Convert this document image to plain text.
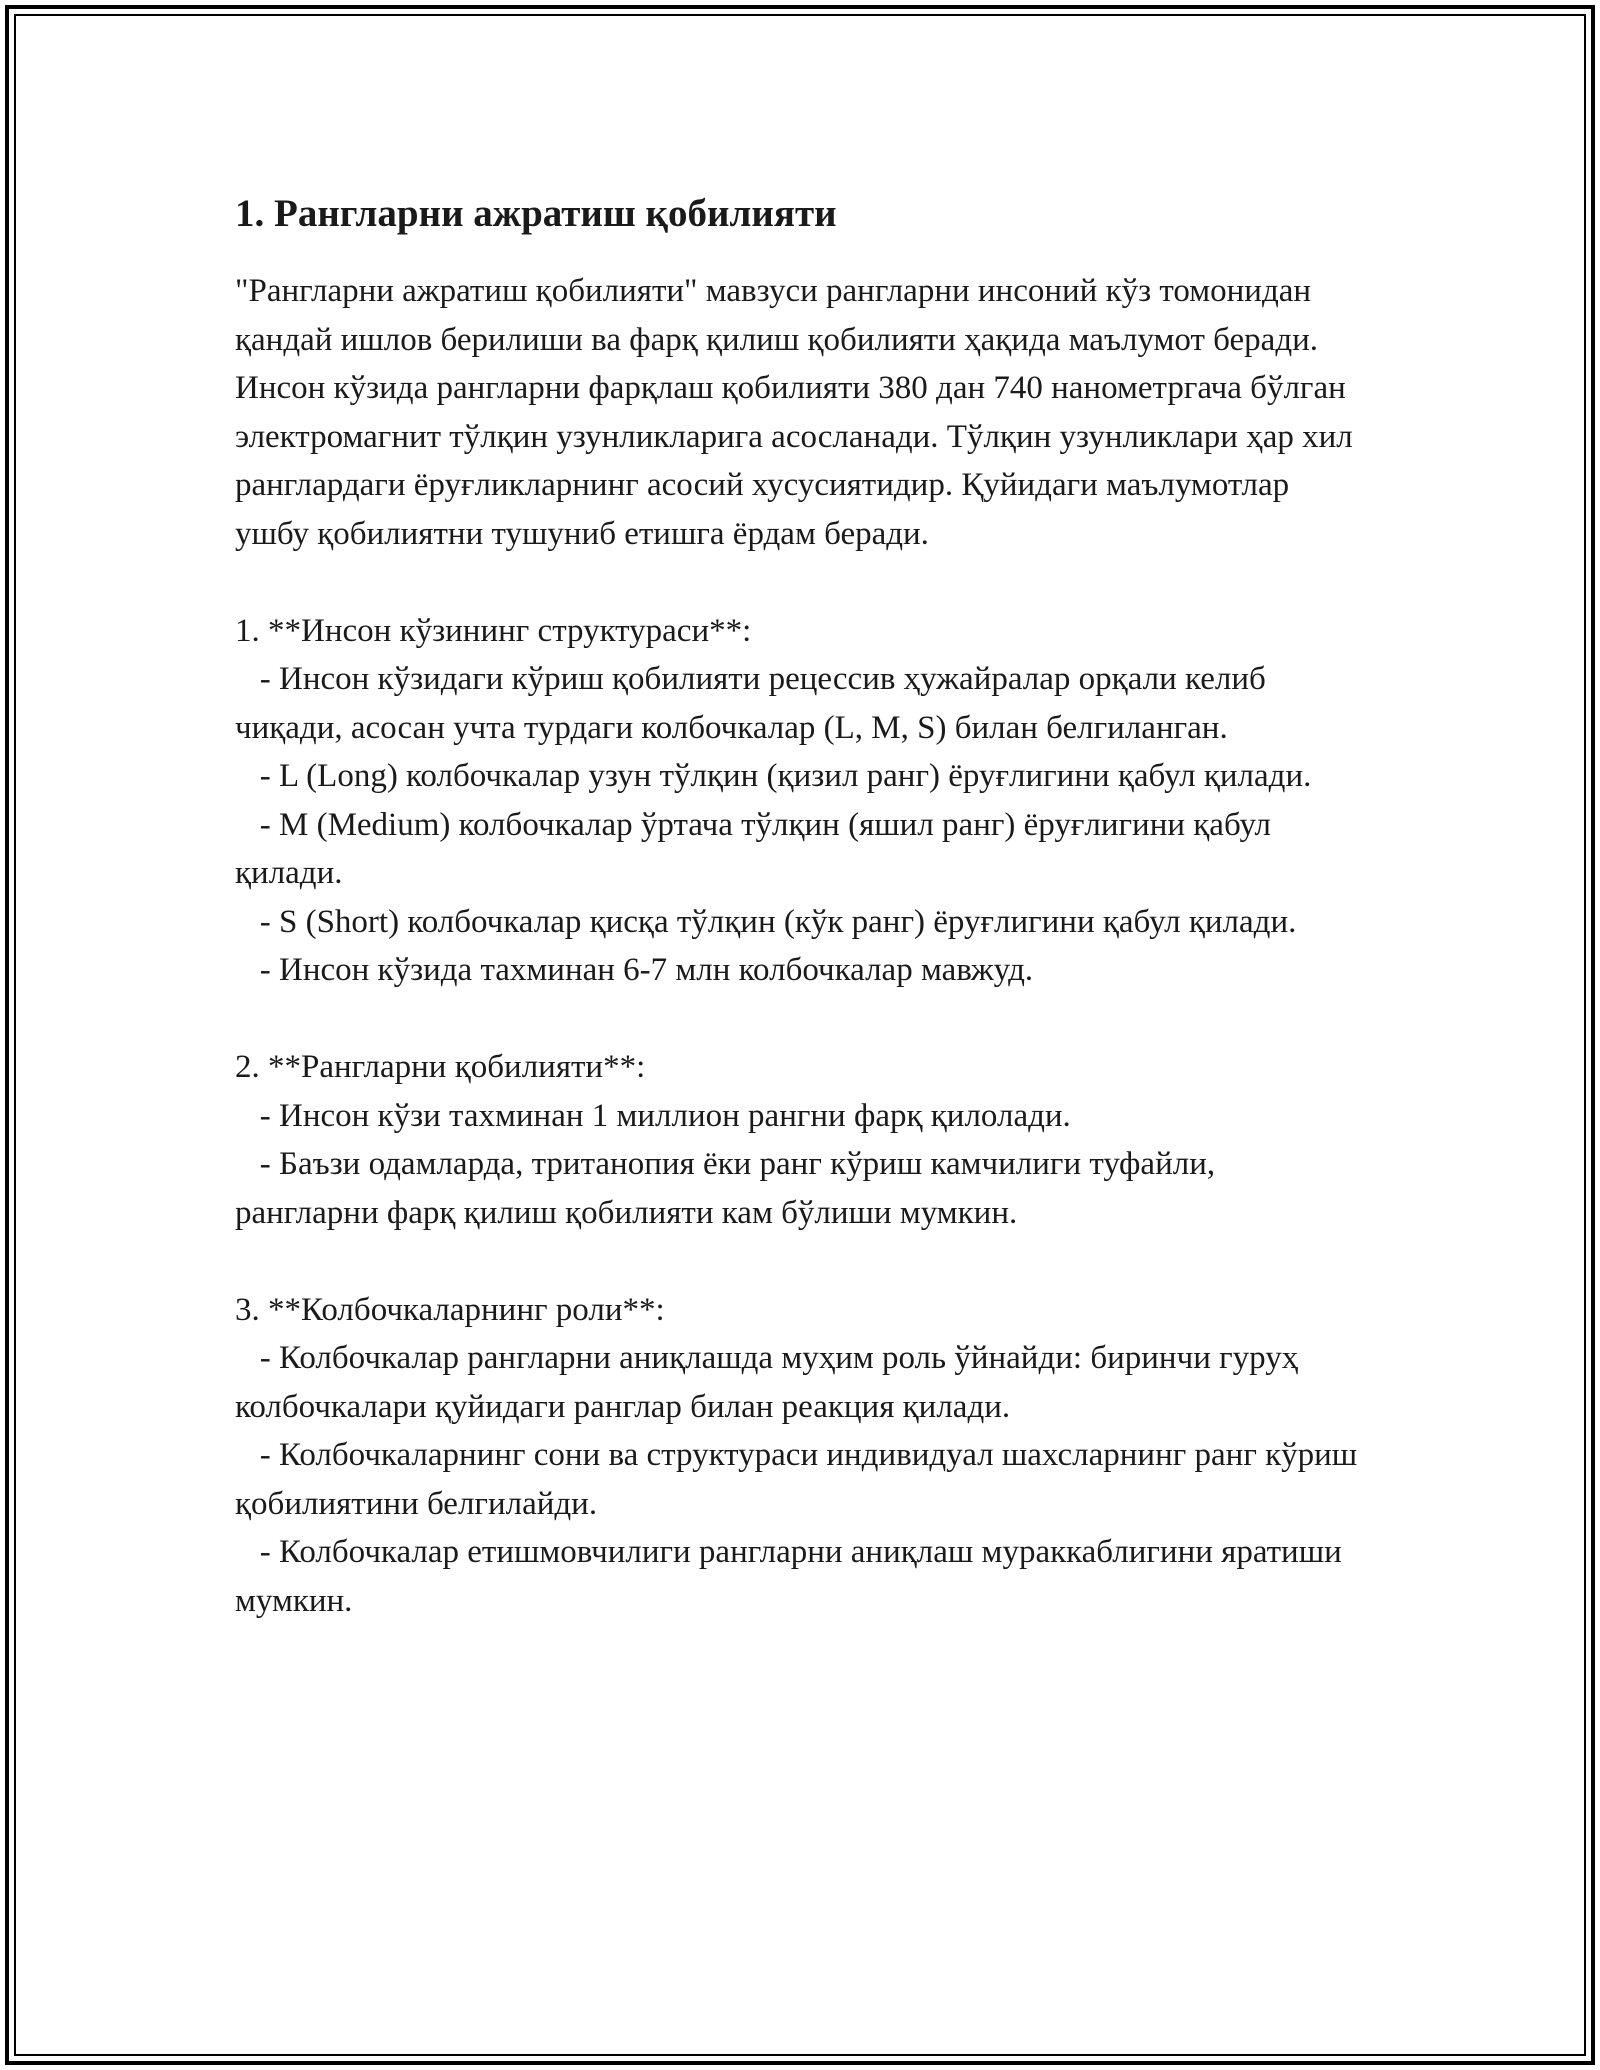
1. Рангларни ажратиш қобилияти

"Рангларни ажратиш қобилияти" мавзуси рангларни инсоний кўз томонидан қандай ишлов берилиши ва фарқ қилиш қобилияти ҳақида маълумот беради. Инсон кўзида рангларни фарқлаш қобилияти 380 дан 740 нанометргача бўлган электромагнит тўлқин узунликларига асосланади. Тўлқин узунликлари ҳар хил ранглардаги ёруғликларнинг асосий хусусиятидир. Қуйидаги маълумотлар ушбу қобилиятни тушуниб етишга ёрдам беради.

1. **Инсон кўзининг структураси**:
- Инсон кўзидаги кўриш қобилияти рецессив ҳужайралар орқали келиб чиқади, асосан учта турдаги колбочкалар (L, M, S) билан белгиланган.
- L (Long) колбочкалар узун тўлқин (қизил ранг) ёруғлигини қабул қилади.
- M (Medium) колбочкалар ўртача тўлқин (яшил ранг) ёруғлигини қабул қилади.
- S (Short) колбочкалар қисқа тўлқин (кўк ранг) ёруғлигини қабул қилади.
- Инсон кўзида тахминан 6-7 млн колбочкалар мавжуд.
2. **Рангларни қобилияти**:
- Инсон кўзи тахминан 1 миллион рангни фарқ қилолади.
- Баъзи одамларда, тританопия ёки ранг кўриш камчилиги туфайли, рангларни фарқ қилиш қобилияти кам бўлиши мумкин.
3. **Колбочкаларнинг роли**:
- Колбочкалар рангларни аниқлашда муҳим роль ўйнайди: биринчи гуруҳ колбочкалари қуйидаги ранглар билан реакция қилади.
- Колбочкаларнинг сони ва структураси индивидуал шахсларнинг ранг кўриш қобилиятини белгилайди.
- Колбочкалар етишмовчилиги рангларни аниқлаш мураккаблигини яратиши мумкин.
